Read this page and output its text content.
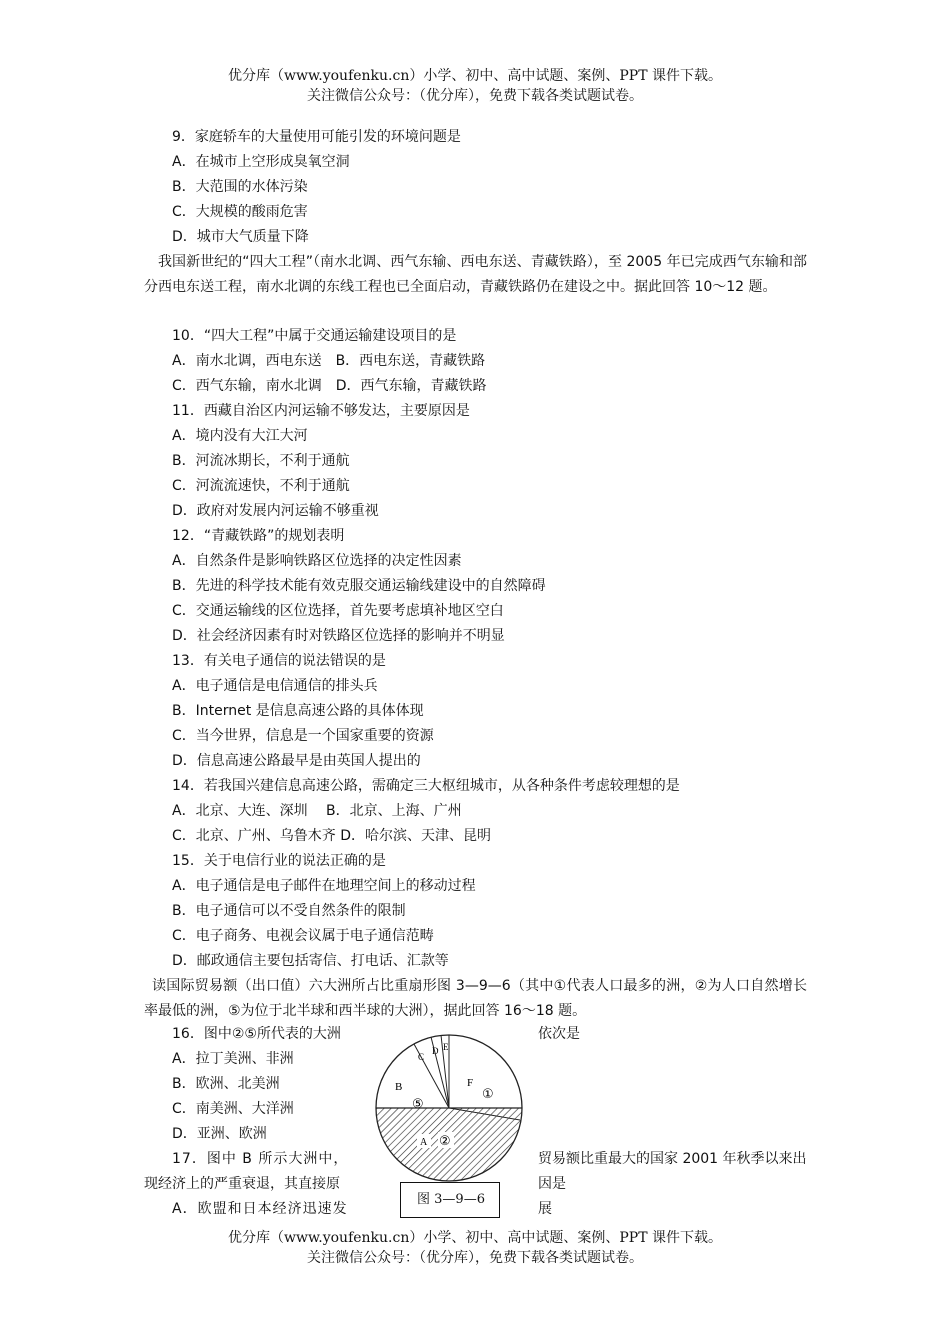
优分库（www.youfenku.cn）小学、初中、高中试题、案例、PPT 课件下载。
关注微信公众号：（优分库），免费下载各类试题试卷。
9．家庭轿车的大量使用可能引发的环境问题是
A．在城市上空形成臭氧空洞
B．大范围的水体污染
C．大规模的酸雨危害
D．城市大气质量下降
我国新世纪的“四大工程”（南水北调、西气东输、西电东送、青藏铁路），至 2005 年已完成西气东输和部分西电东送工程，南水北调的东线工程也已全面启动，青藏铁路仍在建设之中。据此回答 10～12 题。
10．“四大工程”中属于交通运输建设项目的是
A．南水北调，西电东送　B．西电东送，青藏铁路
C．西气东输，南水北调　D．西气东输，青藏铁路
11．西藏自治区内河运输不够发达，主要原因是
A．境内没有大江大河
B．河流冰期长，不利于通航
C．河流流速快，不利于通航
D．政府对发展内河运输不够重视
12．“青藏铁路”的规划表明
A．自然条件是影响铁路区位选择的决定性因素
B．先进的科学技术能有效克服交通运输线建设中的自然障碍
C．交通运输线的区位选择，首先要考虑填补地区空白
D．社会经济因素有时对铁路区位选择的影响并不明显
13．有关电子通信的说法错误的是
A．电子通信是电信通信的排头兵
B．Internet 是信息高速公路的具体体现
C．当今世界，信息是一个国家重要的资源
D．信息高速公路最早是由英国人提出的
14．若我国兴建信息高速公路，需确定三大枢纽城市，从各种条件考虑较理想的是
A．北京、大连、深圳　 B．北京、上海、广州
C．北京、广州、乌鲁木齐 D．哈尔滨、天津、昆明
15．关于电信行业的说法正确的是
A．电子通信是电子邮件在地理空间上的移动过程
B．电子通信可以不受自然条件的限制
C．电子商务、电视会议属于电子通信范畴
D．邮政通信主要包括寄信、打电话、汇款等
读国际贸易额（出口值）六大洲所占比重扇形图 3—9—6（其中①代表人口最多的洲，②为人口自然增长率最低的洲，⑤为位于北半球和西半球的大洲），据此回答 16～18 题。
16．图中②⑤所代表的大洲	依次是
A．拉丁美洲、非洲
B．欧洲、北美洲
C．南美洲、大洋洲
D．亚洲、欧洲
17．图中 B 所示大洲中，	贸易额比重最大的国家 2001 年秋季以来出
现经济上的严重衰退，其直接原	因是
A．欧盟和日本经济迅速发	展
B
C
D E
F
A
⑤
①
②
图 3—9—6
优分库（www.youfenku.cn）小学、初中、高中试题、案例、PPT 课件下载。
关注微信公众号：（优分库），免费下载各类试题试卷。
